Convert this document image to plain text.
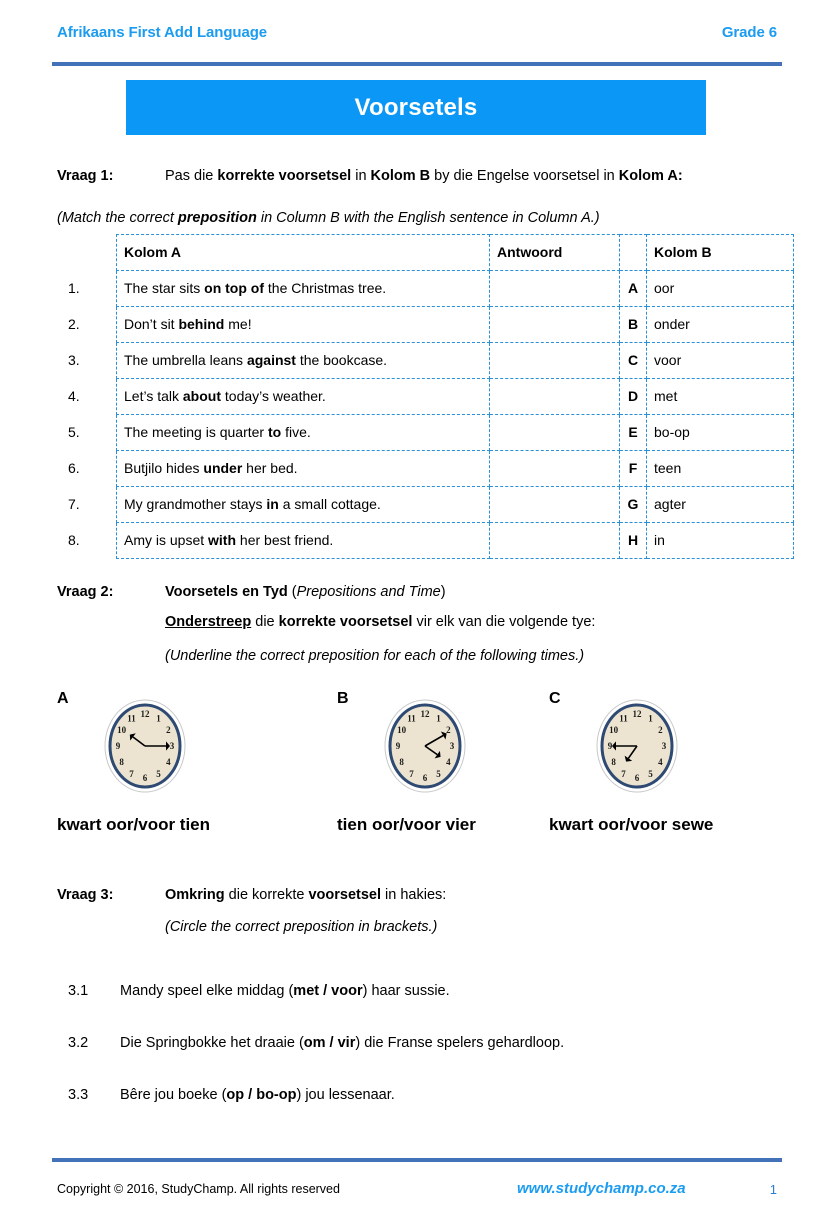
Afrikaans First Add Language	Grade 6
Voorsetels
Vraag 1:	Pas die korrekte voorsetsel in Kolom B by die Engelse voorsetsel in Kolom A:
(Match the correct preposition in Column B with the English sentence in Column A.)
	Kolom A	Antwoord		Kolom B
1.	The star sits on top of the Christmas tree.		A	oor
2.	Don’t sit behind me!		B	onder
3.	The umbrella leans against the bookcase.		C	voor
4.	Let’s talk about today’s weather.		D	met
5.	The meeting is quarter to five.		E	bo-op
6.	Butjilo hides under her bed.		F	teen
7.	My grandmother stays in a small cottage.		G	agter
8.	Amy is upset with her best friend.		H	in
Vraag 2:	Voorsetels en Tyd (Prepositions and Time)
Onderstreep die korrekte voorsetsel vir elk van die volgende tye:
(Underline the correct preposition for each of the following times.)
A
12 1
2
3
4
5
6
7
8
9
10
11
kwart oor/voor tien
B
12 1
2
3
4
5
6
7
8
9
10
11
tien oor/voor vier
C
12 1
2
3
4
5
6
7
8
9
10
11
kwart oor/voor sewe
Vraag 3:	Omkring die korrekte voorsetsel in hakies:
(Circle the correct preposition in brackets.)
3.1	Mandy speel elke middag (met / voor) haar sussie.
3.2	Die Springbokke het draaie (om / vir) die Franse spelers gehardloop.
3.3	Bêre jou boeke (op / bo-op) jou lessenaar.
Copyright © 2016, StudyChamp. All rights reserved	www.studychamp.co.za	1
